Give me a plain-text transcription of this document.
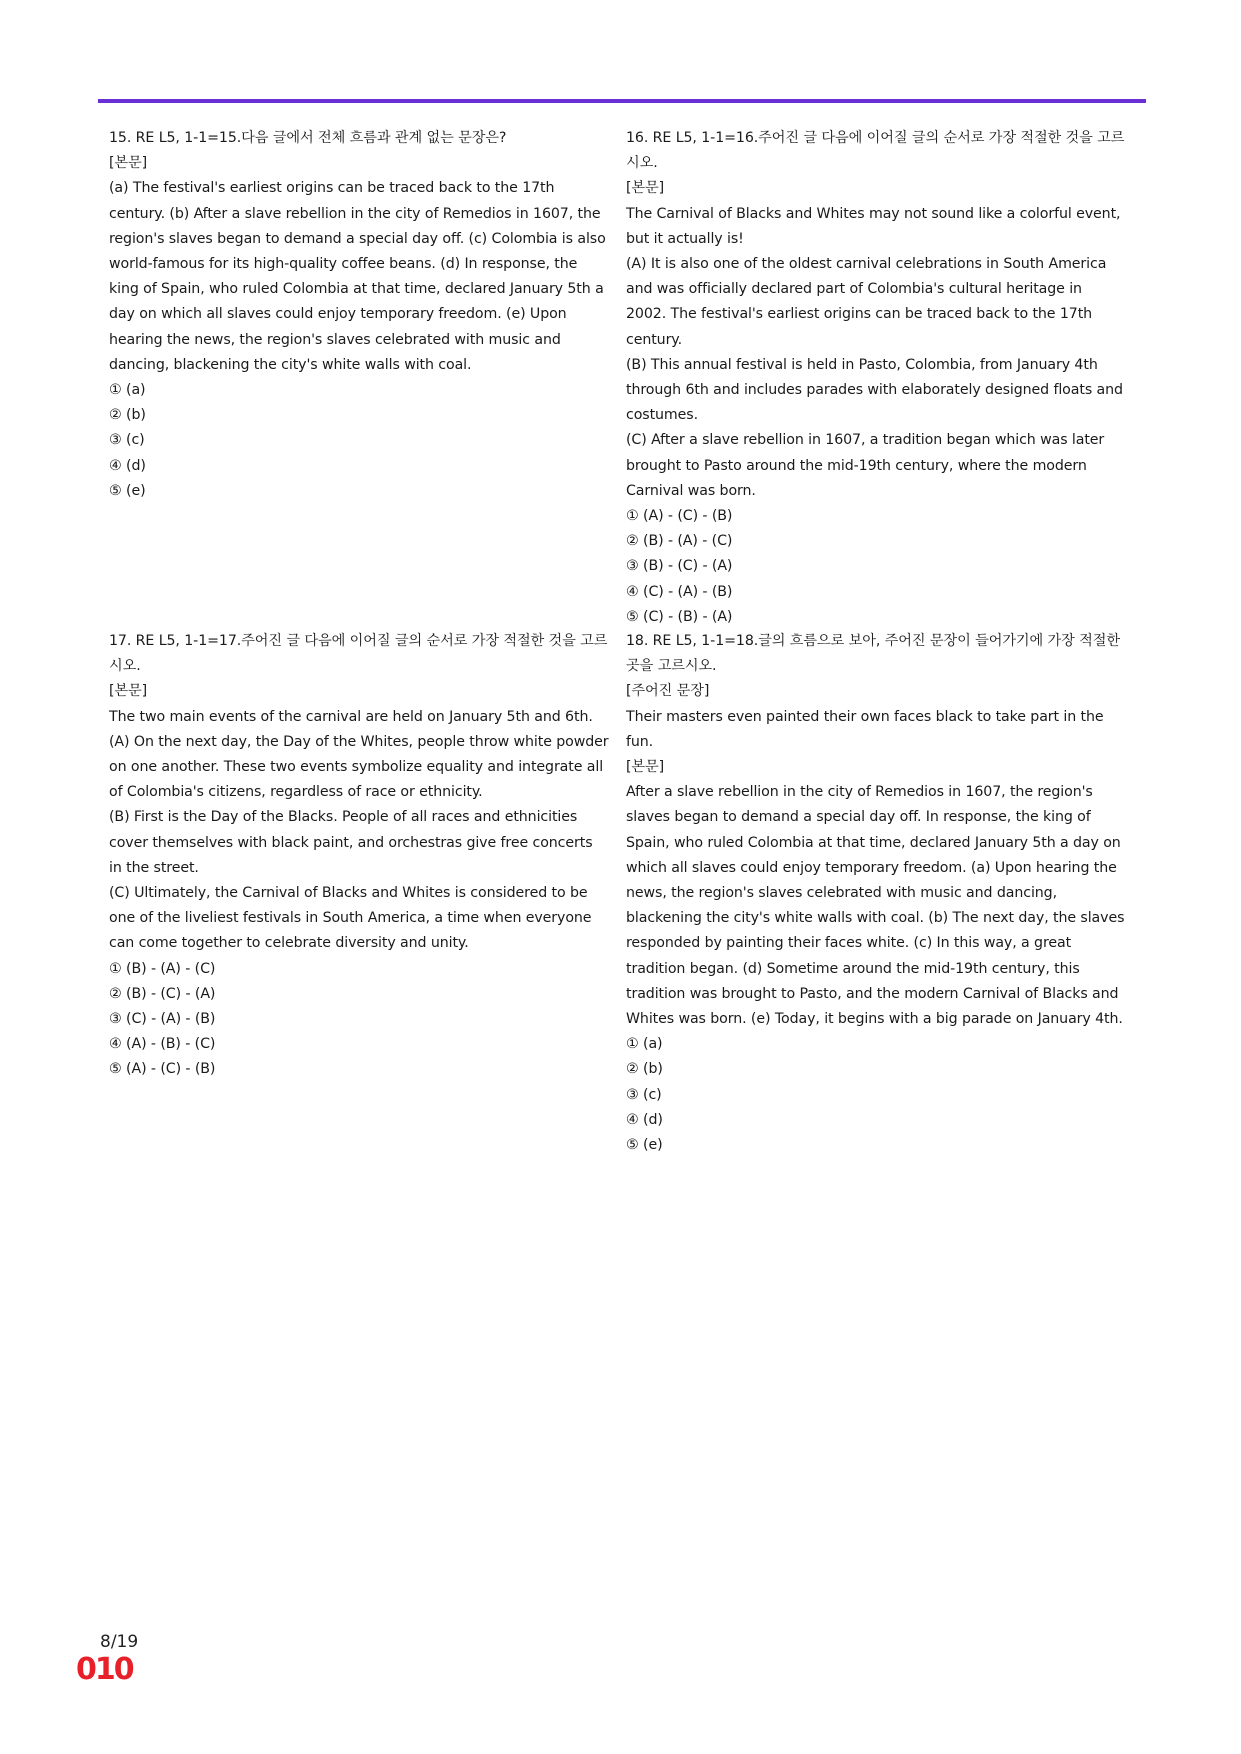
15. RE L5, 1-1=15.다음 글에서 전체 흐름과 관계 없는 문장은?

[본문]

(a) The festival's earliest origins can be traced back to the 17th century. (b) After a slave rebellion in the city of Remedios in 1607, the region's slaves began to demand a special day off. (c) Colombia is also world-famous for its high-quality coffee beans. (d) In response, the king of Spain, who ruled Colombia at that time, declared January 5th a day on which all slaves could enjoy temporary freedom. (e) Upon hearing the news, the region's slaves celebrated with music and dancing, blackening the city's white walls with coal.

① (a)
② (b)
③ (c)
④ (d)
⑤ (e)

16. RE L5, 1-1=16.주어진 글 다음에 이어질 글의 순서로 가장 적절한 것을 고르시오.

[본문]

The Carnival of Blacks and Whites may not sound like a colorful event, but it actually is!

(A) It is also one of the oldest carnival celebrations in South America and was officially declared part of Colombia's cultural heritage in 2002. The festival's earliest origins can be traced back to the 17th century.

(B) This annual festival is held in Pasto, Colombia, from January 4th through 6th and includes parades with elaborately designed floats and costumes.

(C) After a slave rebellion in 1607, a tradition began which was later brought to Pasto around the mid-19th century, where the modern Carnival was born.

① (A) - (C) - (B)
② (B) - (A) - (C)
③ (B) - (C) - (A)
④ (C) - (A) - (B)
⑤ (C) - (B) - (A)

17. RE L5, 1-1=17.주어진 글 다음에 이어질 글의 순서로 가장 적절한 것을 고르시오.

[본문]

The two main events of the carnival are held on January 5th and 6th.

(A) On the next day, the Day of the Whites, people throw white powder on one another. These two events symbolize equality and integrate all of Colombia's citizens, regardless of race or ethnicity.

(B) First is the Day of the Blacks. People of all races and ethnicities cover themselves with black paint, and orchestras give free concerts in the street.

(C) Ultimately, the Carnival of Blacks and Whites is considered to be one of the liveliest festivals in South America, a time when everyone can come together to celebrate diversity and unity.

① (B) - (A) - (C)
② (B) - (C) - (A)
③ (C) - (A) - (B)
④ (A) - (B) - (C)
⑤ (A) - (C) - (B)

18. RE L5, 1-1=18.글의 흐름으로 보아, 주어진 문장이 들어가기에 가장 적절한 곳을 고르시오.

[주어진 문장]

Their masters even painted their own faces black to take part in the fun.

[본문]

After a slave rebellion in the city of Remedios in 1607, the region's slaves began to demand a special day off. In response, the king of Spain, who ruled Colombia at that time, declared January 5th a day on which all slaves could enjoy temporary freedom. (a) Upon hearing the news, the region's slaves celebrated with music and dancing, blackening the city's white walls with coal. (b) The next day, the slaves responded by painting their faces white. (c) In this way, a great tradition began. (d) Sometime around the mid-19th century, this tradition was brought to Pasto, and the modern Carnival of Blacks and Whites was born. (e) Today, it begins with a big parade on January 4th.

① (a)
② (b)
③ (c)
④ (d)
⑤ (e)
8/19
010
